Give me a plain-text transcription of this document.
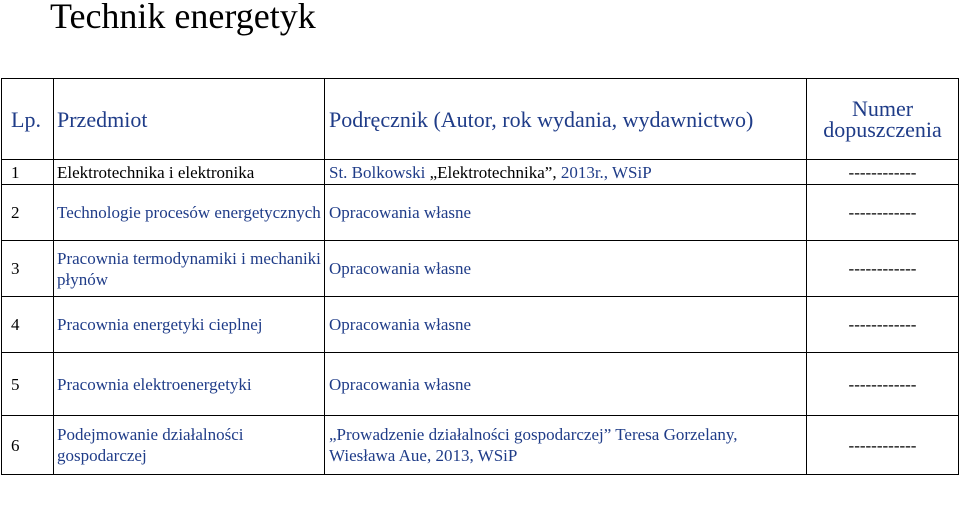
Technik energetyk
Lp.	Przedmiot	Podręcznik (Autor, rok wydania, wydawnictwo)	Numer dopuszczenia
1	Elektrotechnika i elektronika	St. Bolkowski „Elektrotechnika”, 2013r., WSiP	------------
2	Technologie procesów energetycznych	Opracowania własne	------------
3	Pracownia termodynamiki i mechaniki płynów	Opracowania własne	------------
4	Pracownia energetyki cieplnej	Opracowania własne	------------
5	Pracownia elektroenergetyki	Opracowania własne	------------
6	Podejmowanie działalności gospodarczej	„Prowadzenie działalności gospodarczej” Teresa Gorzelany, Wiesława Aue, 2013, WSiP	------------
